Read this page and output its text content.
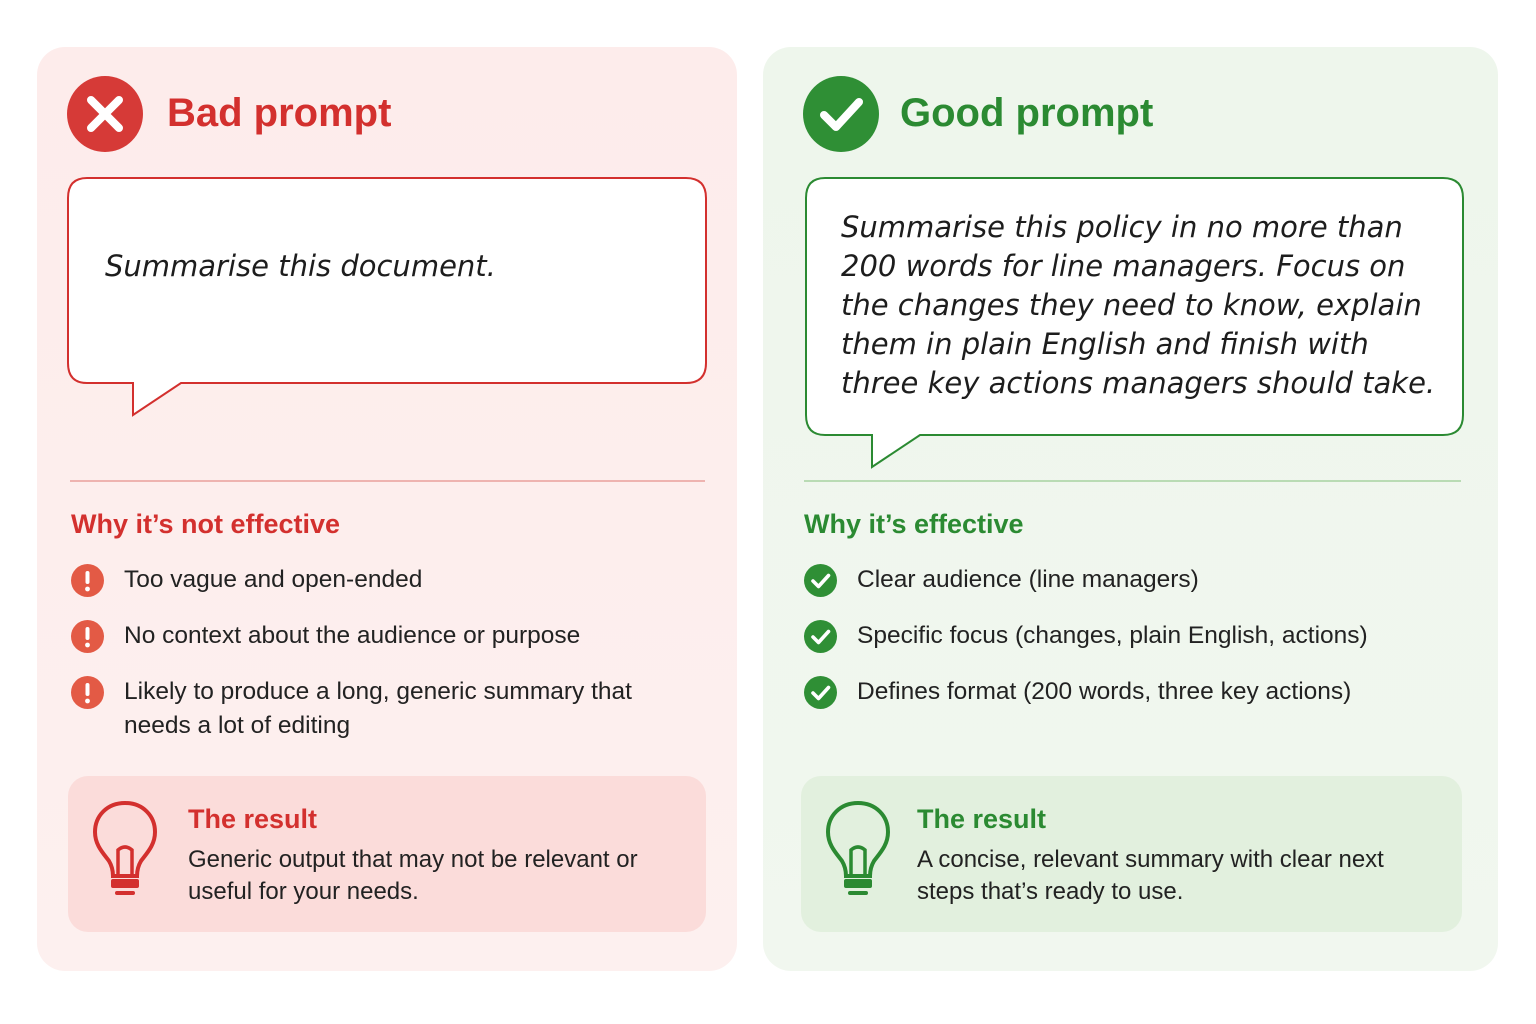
Bad prompt

Summarise this document.

Why it’s not effective
Too vague and open-ended
No context about the audience or purpose
Likely to produce a long, generic summary that needs a lot of editing
The result

Generic output that may not be relevant or useful for your needs.

Good prompt

Summarise this policy in no more than 200 words for line managers. Focus on the changes they need to know, explain them in plain English and finish with three key actions managers should take.

Why it’s effective
Clear audience (line managers)
Specific focus (changes, plain English, actions)
Defines format (200 words, three key actions)
The result

A concise, relevant summary with clear next steps that’s ready to use.
